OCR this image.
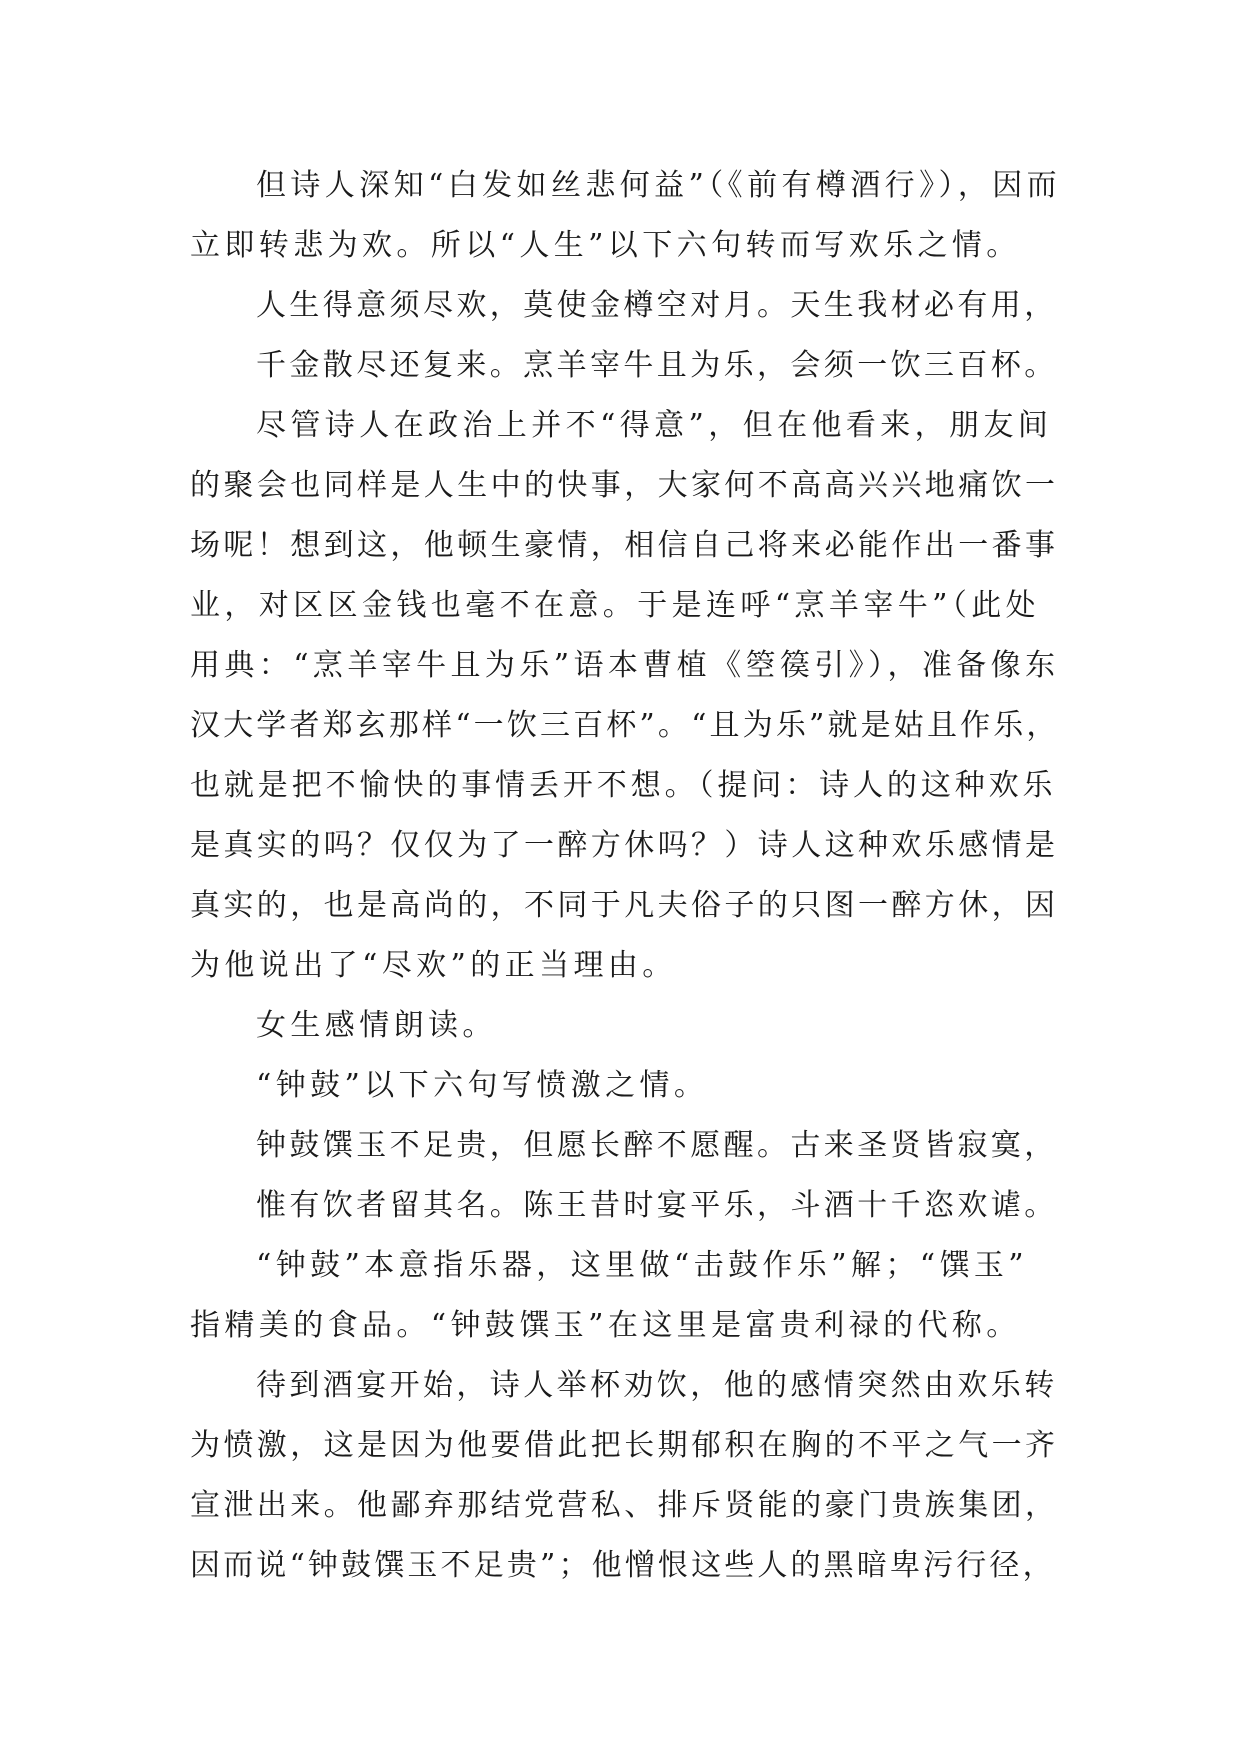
但诗人深知“白发如丝悲何益”（《前有樽酒行》），因而
立即转悲为欢。所以“人生”以下六句转而写欢乐之情。
人生得意须尽欢，莫使金樽空对月。天生我材必有用，
千金散尽还复来。烹羊宰牛且为乐，会须一饮三百杯。
尽管诗人在政治上并不“得意”，但在他看来，朋友间
的聚会也同样是人生中的快事，大家何不高高兴兴地痛饮一
场呢！想到这，他顿生豪情，相信自己将来必能作出一番事
业，对区区金钱也毫不在意。于是连呼“烹羊宰牛”（此处
用典：“烹羊宰牛且为乐”语本曹植《箜篌引》），准备像东
汉大学者郑玄那样“一饮三百杯”。“且为乐”就是姑且作乐，
也就是把不愉快的事情丢开不想。（提问：诗人的这种欢乐
是真实的吗？仅仅为了一醉方休吗？）诗人这种欢乐感情是
真实的，也是高尚的，不同于凡夫俗子的只图一醉方休，因
为他说出了“尽欢”的正当理由。
女生感情朗读。
“钟鼓”以下六句写愤激之情。
钟鼓馔玉不足贵，但愿长醉不愿醒。古来圣贤皆寂寞，
惟有饮者留其名。陈王昔时宴平乐，斗酒十千恣欢谑。
“钟鼓”本意指乐器，这里做“击鼓作乐”解；“馔玉”
指精美的食品。“钟鼓馔玉”在这里是富贵利禄的代称。
待到酒宴开始，诗人举杯劝饮，他的感情突然由欢乐转
为愤激，这是因为他要借此把长期郁积在胸的不平之气一齐
宣泄出来。他鄙弃那结党营私、排斥贤能的豪门贵族集团，
因而说“钟鼓馔玉不足贵”；他憎恨这些人的黑暗卑污行径，
